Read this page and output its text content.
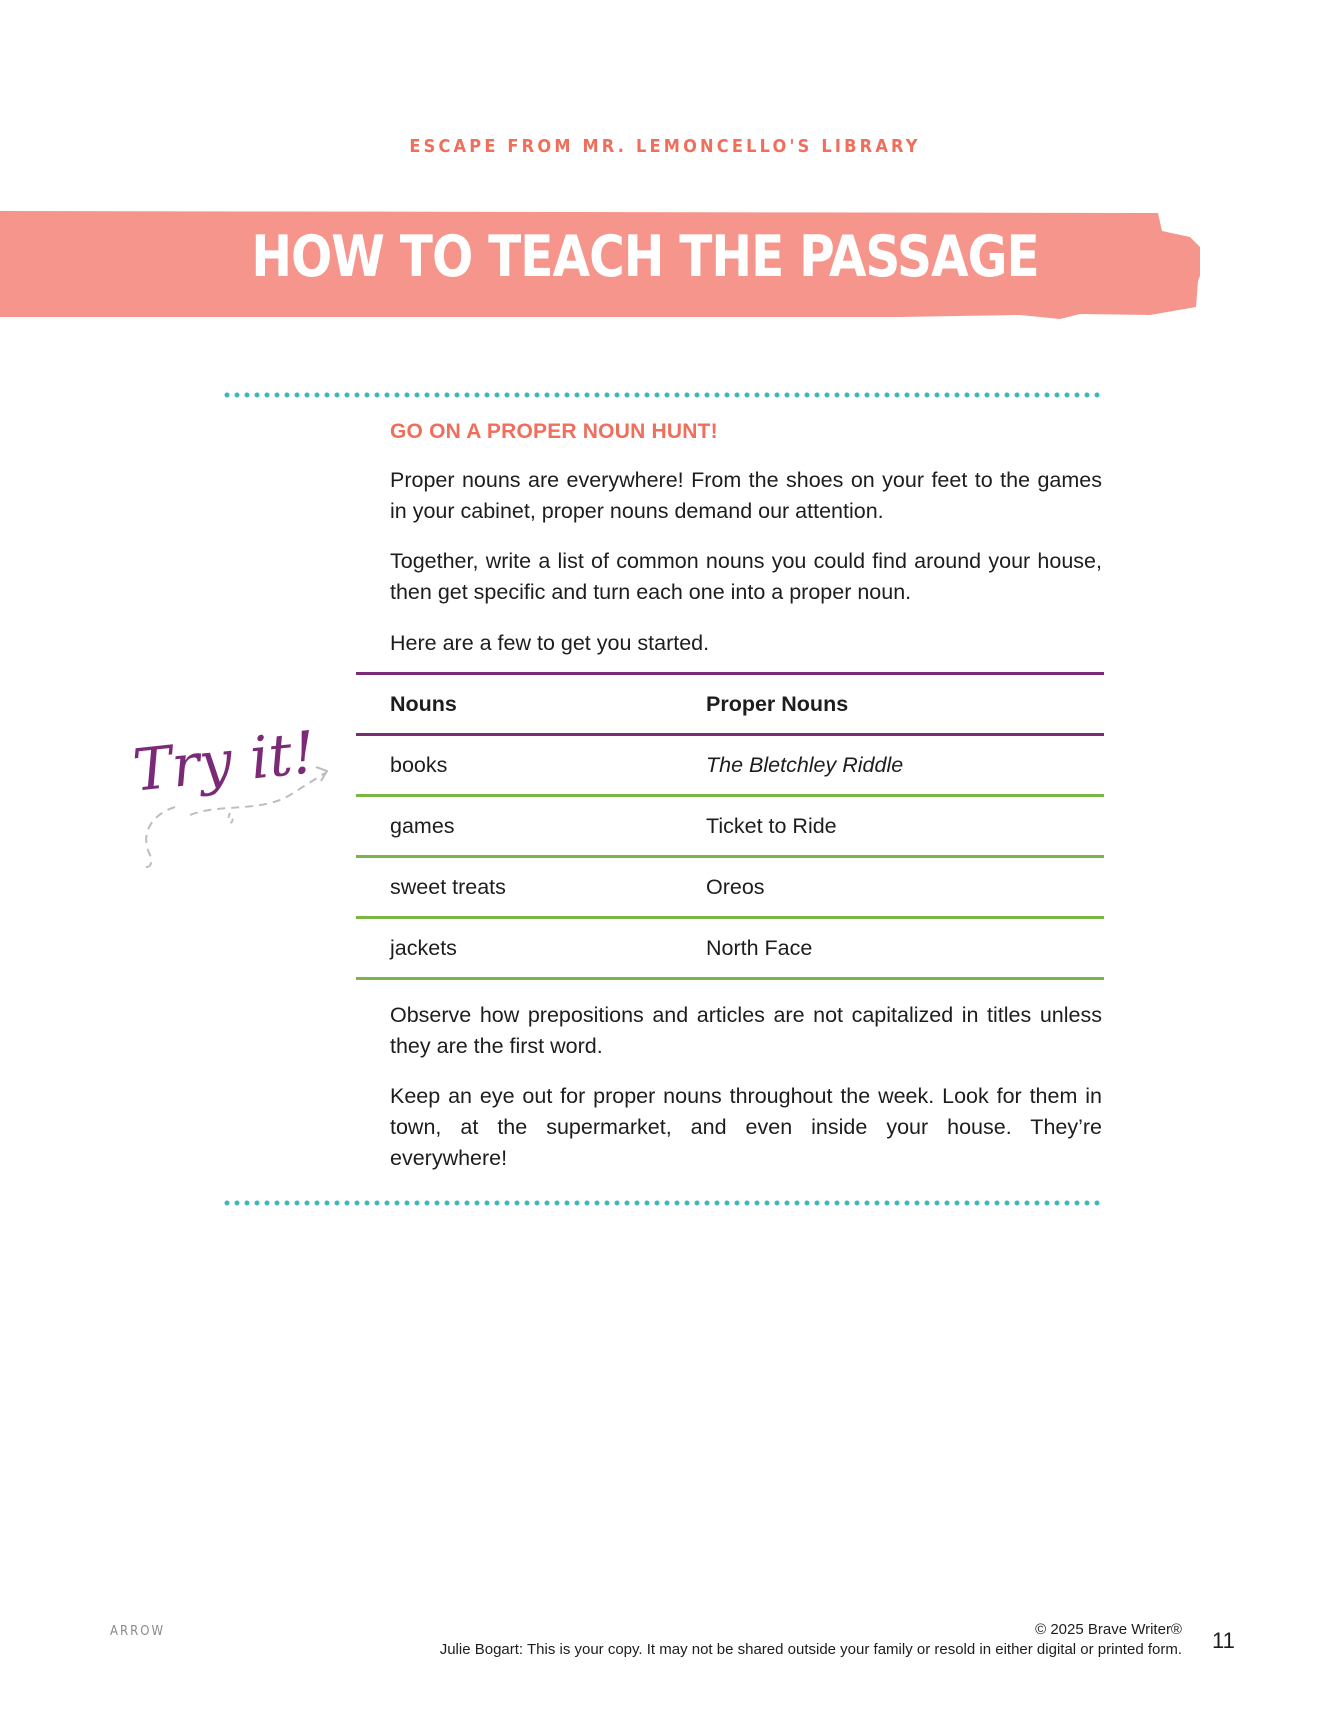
ESCAPE FROM MR. LEMONCELLO'S LIBRARY
HOW TO TEACH THE PASSAGE
GO ON A PROPER NOUN HUNT!
Proper nouns are everywhere! From the shoes on your feet to the games in your cabinet, proper nouns demand our attention.
Together, write a list of common nouns you could find around your house, then get specific and turn each one into a proper noun.
Here are a few to get you started.
Nouns	Proper Nouns
books	The Bletchley Riddle
games	Ticket to Ride
sweet treats	Oreos
jackets	North Face
Observe how prepositions and articles are not capitalized in titles unless they are the first word.
Keep an eye out for proper nouns throughout the week. Look for them in town, at the supermarket, and even inside your house. They’re everywhere!
Try it!
ARROW	© 2025 Brave Writer®
Julie Bogart: This is your copy. It may not be shared outside your family or resold in either digital or printed form. 11
